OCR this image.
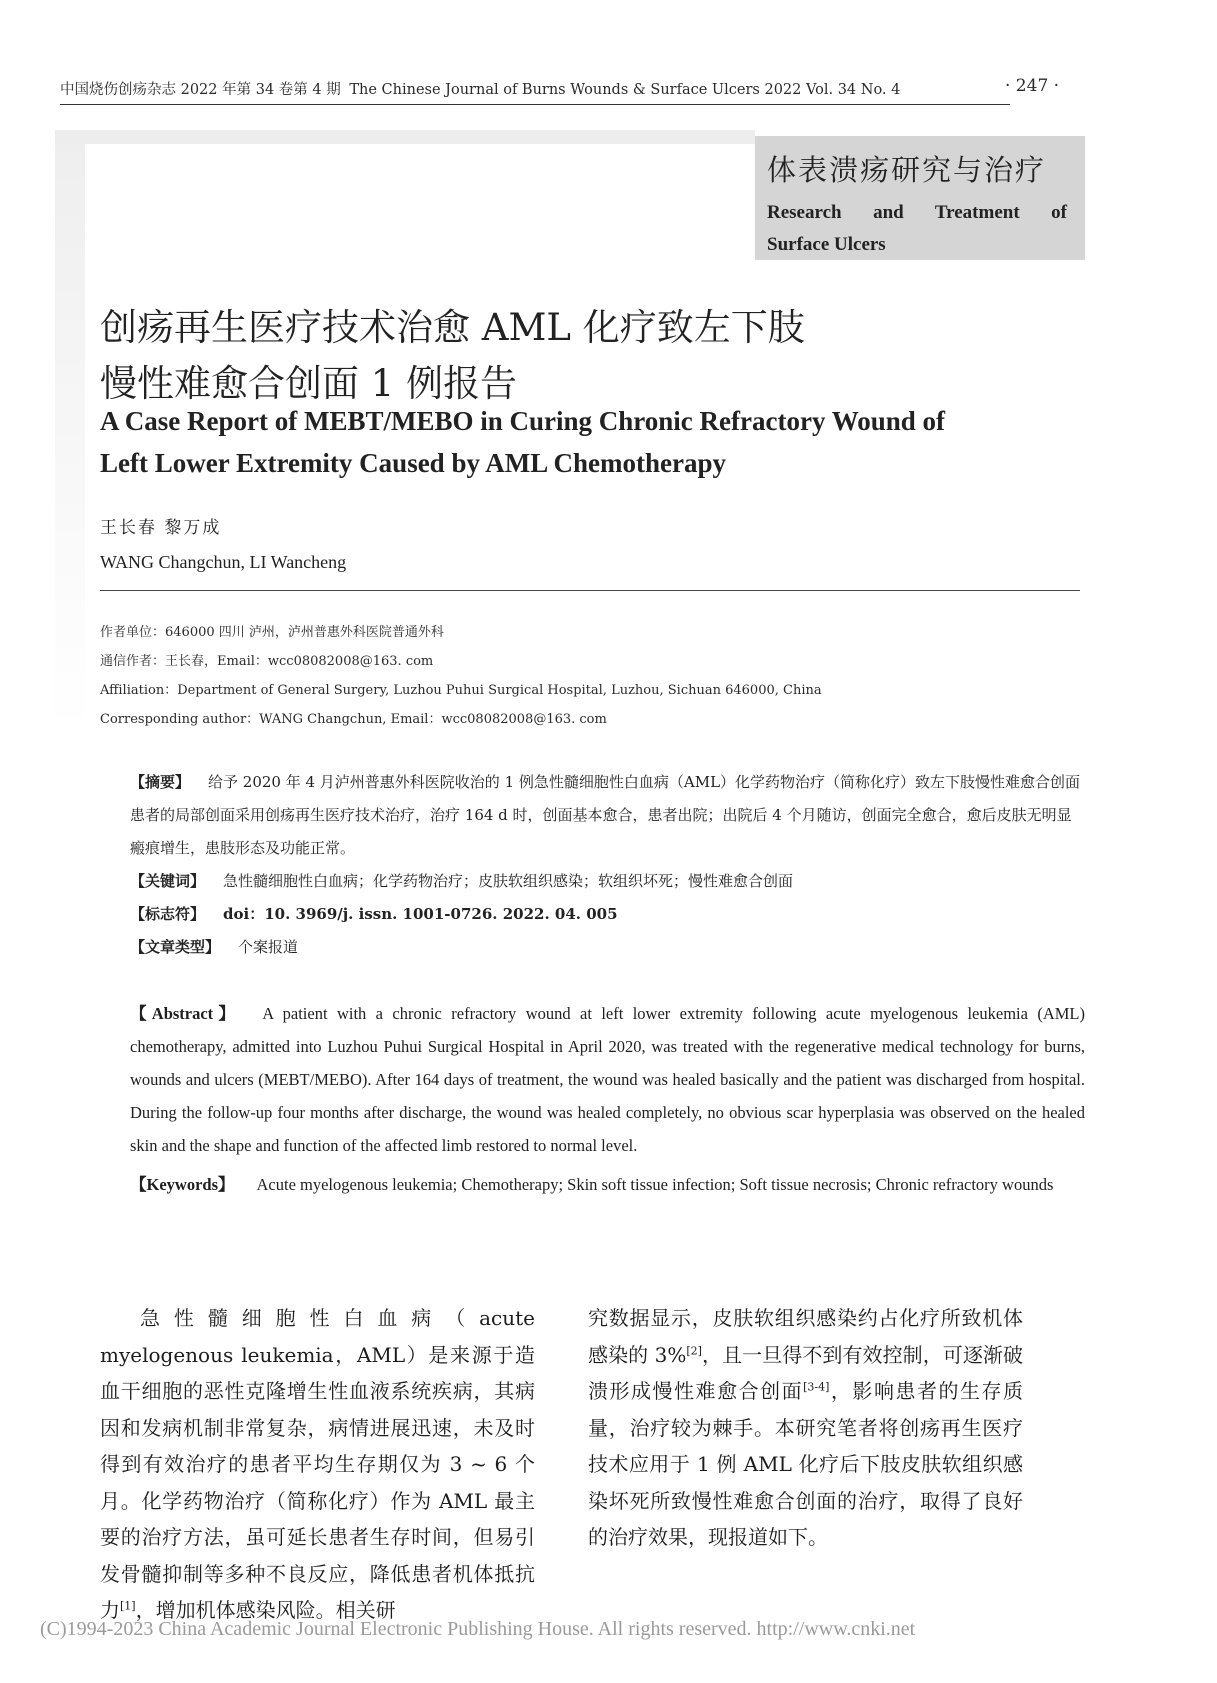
中国烧伤创疡杂志 2022 年第 34 卷第 4 期 The Chinese Journal of Burns Wounds & Surface Ulcers 2022 Vol. 34 No. 4	· 247 ·
体表溃疡研究与治疗
Research and Treatment of
Surface Ulcers
创疡再生医疗技术治愈 AML 化疗致左下肢
慢性难愈合创面 1 例报告
A Case Report of MEBT/MEBO in Curing Chronic Refractory Wound of
Left Lower Extremity Caused by AML Chemotherapy
王长春 黎万成
WANG Changchun, LI Wancheng
作者单位：646000 四川 泸州，泸州普惠外科医院普通外科
通信作者：王长春，Email：wcc08082008@163. com
Affiliation：Department of General Surgery, Luzhou Puhui Surgical Hospital, Luzhou, Sichuan 646000, China
Corresponding author：WANG Changchun, Email：wcc08082008@163. com
【摘要】 给予 2020 年 4 月泸州普惠外科医院收治的 1 例急性髓细胞性白血病（AML）化学药物治疗（简称化疗）致左下肢慢性难愈合创面患者的局部创面采用创疡再生医疗技术治疗，治疗 164 d 时，创面基本愈合，患者出院；出院后 4 个月随访，创面完全愈合，愈后皮肤无明显瘢痕增生，患肢形态及功能正常。
【关键词】 急性髓细胞性白血病；化学药物治疗；皮肤软组织感染；软组织坏死；慢性难愈合创面
【标志符】 doi：10. 3969/j. issn. 1001-0726. 2022. 04. 005
【文章类型】 个案报道
【Abstract】 A patient with a chronic refractory wound at left lower extremity following acute myelogenous leukemia (AML) chemotherapy, admitted into Luzhou Puhui Surgical Hospital in April 2020, was treated with the regenerative medical technology for burns, wounds and ulcers (MEBT/MEBO). After 164 days of treatment, the wound was healed basically and the patient was discharged from hospital. During the follow-up four months after discharge, the wound was healed completely, no obvious scar hyperplasia was observed on the healed skin and the shape and function of the affected limb restored to normal level.
【Keywords】 Acute myelogenous leukemia; Chemotherapy; Skin soft tissue infection; Soft tissue necrosis; Chronic refractory wounds
急性髓细胞性白血病（acute myelogenous leukemia，AML）是来源于造血干细胞的恶性克隆增生性血液系统疾病，其病因和发病机制非常复杂，病情进展迅速，未及时得到有效治疗的患者平均生存期仅为 3 ~ 6 个月。化学药物治疗（简称化疗）作为 AML 最主要的治疗方法，虽可延长患者生存时间，但易引发骨髓抑制等多种不良反应，降低患者机体抵抗力[1]，增加机体感染风险。相关研
究数据显示，皮肤软组织感染约占化疗所致机体感染的 3%[2]，且一旦得不到有效控制，可逐渐破溃形成慢性难愈合创面[3-4]，影响患者的生存质量，治疗较为棘手。本研究笔者将创疡再生医疗技术应用于 1 例 AML 化疗后下肢皮肤软组织感染坏死所致慢性难愈合创面的治疗，取得了良好的治疗效果，现报道如下。
(C)1994-2023 China Academic Journal Electronic Publishing House. All rights reserved. http://www.cnki.net
